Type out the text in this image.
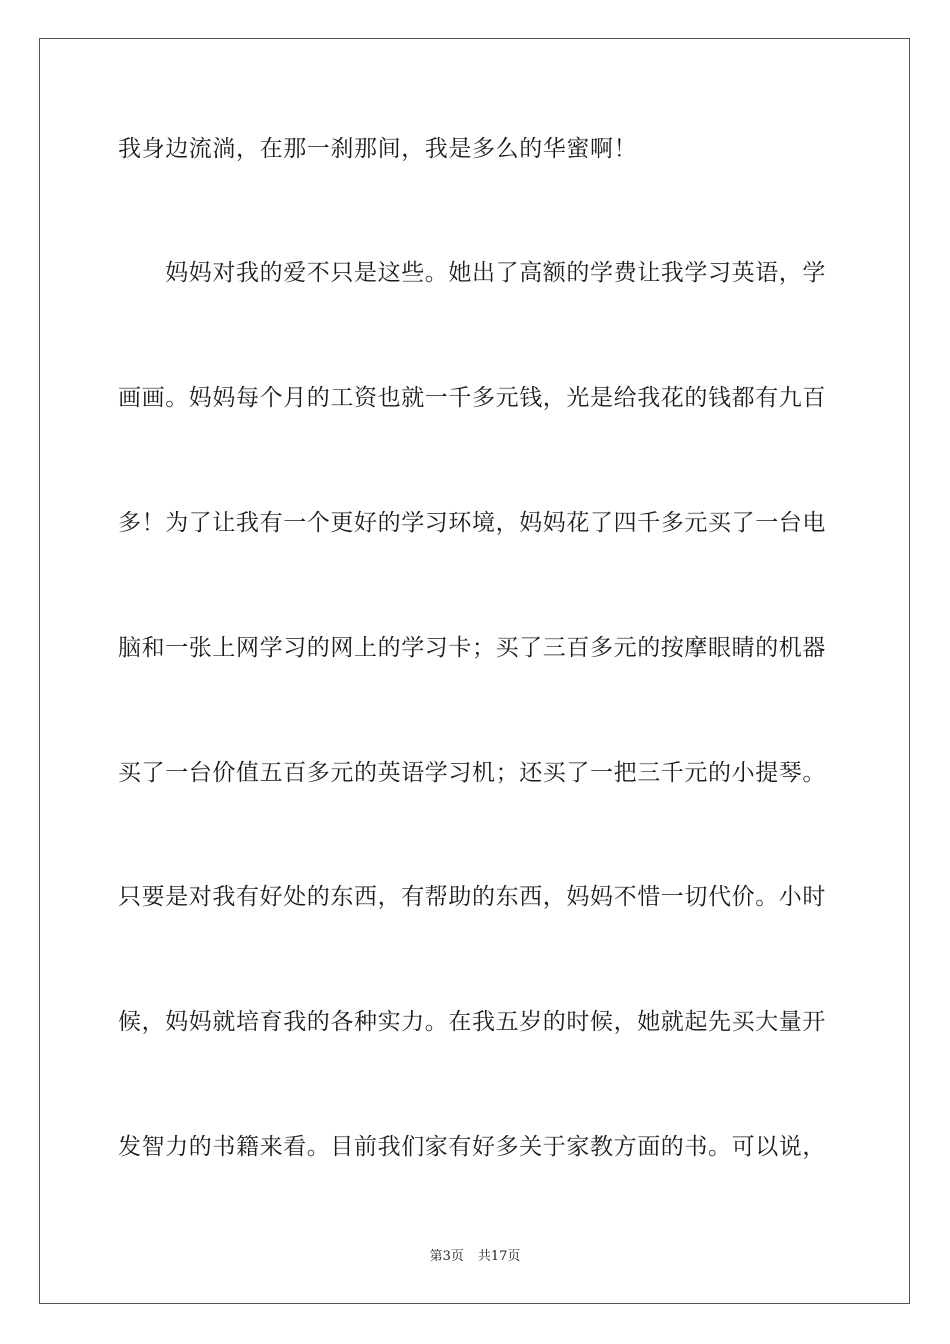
我身边流淌，在那一刹那间，我是多么的华蜜啊！
　　妈妈对我的爱不只是这些。她出了高额的学费让我学习英语，学
画画。妈妈每个月的工资也就一千多元钱，光是给我花的钱都有九百
多！为了让我有一个更好的学习环境，妈妈花了四千多元买了一台电
脑和一张上网学习的网上的学习卡；买了三百多元的按摩眼睛的机器
买了一台价值五百多元的英语学习机；还买了一把三千元的小提琴。
只要是对我有好处的东西，有帮助的东西，妈妈不惜一切代价。小时
候，妈妈就培育我的各种实力。在我五岁的时候，她就起先买大量开
发智力的书籍来看。目前我们家有好多关于家教方面的书。可以说，
第3页 共17页
